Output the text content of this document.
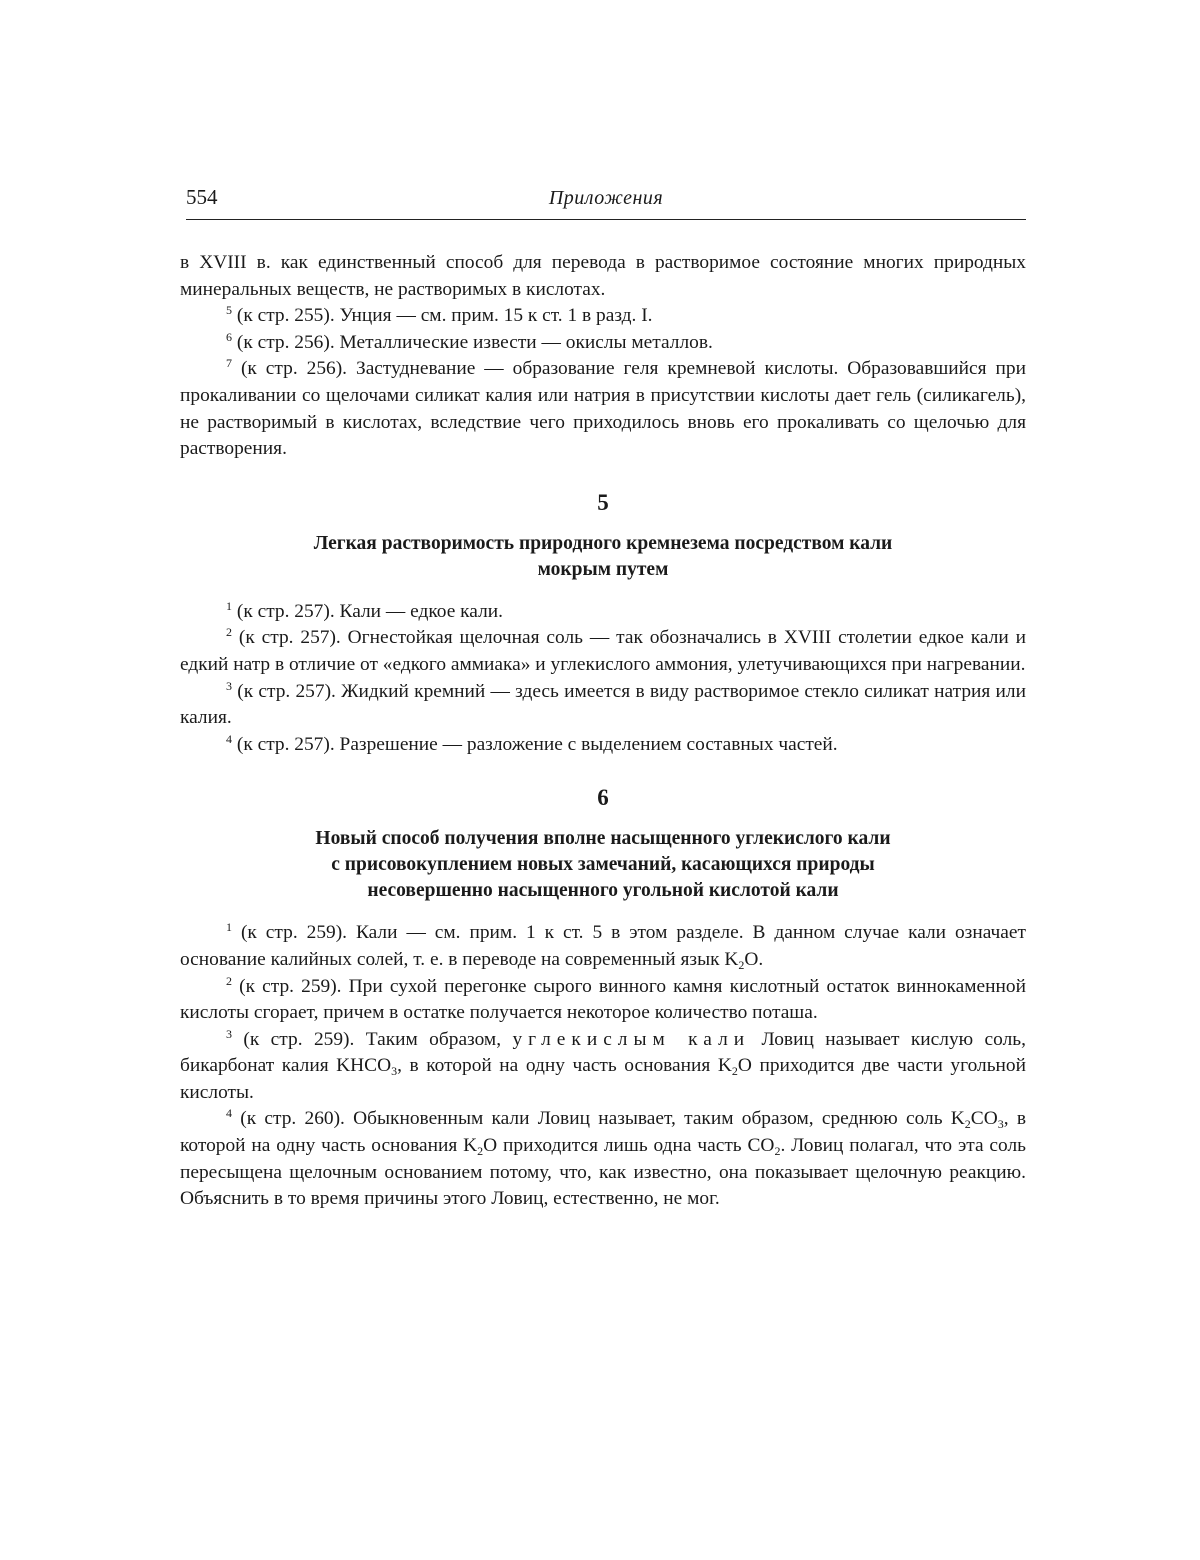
554	Приложения

в XVIII в. как единственный способ для перевода в растворимое состояние многих природных минеральных веществ, не растворимых в кислотах.

$^5$ (к стр. 255). Унция — см. прим. 15 к ст. 1 в разд. I.

$^6$ (к стр. 256). Металлические извести — окислы металлов.

$^7$ (к стр. 256). Застудневание — образование геля кремневой кислоты. Образовавшийся при прокаливании со щелочами силикат калия или натрия в присутствии кислоты дает гель (силикагель), не растворимый в кислотах, вследствие чего приходилось вновь его прокаливать со щелочью для растворения.

5
Легкая растворимость природного кремнезема посредством кали
мокрым путем

$^1$ (к стр. 257). Кали — едкое кали.

$^2$ (к стр. 257). Огнестойкая щелочная соль — так обозначались в XVIII столетии едкое кали и едкий натр в отличие от «едкого аммиака» и углекислого аммония, улетучивающихся при нагревании.

$^3$ (к стр. 257). Жидкий кремний — здесь имеется в виду растворимое стекло силикат натрия или калия.

$^4$ (к стр. 257). Разрешение — разложение с выделением составных частей.

6
Новый способ получения вполне насыщенного углекислого кали
с присовокуплением новых замечаний, касающихся природы
несовершенно насыщенного угольной кислотой кали

$^1$ (к стр. 259). Кали — см. прим. 1 к ст. 5 в этом разделе. В данном случае кали означает основание калийных солей, т. е. в переводе на современный язык $K_2O$.

$^2$ (к стр. 259). При сухой перегонке сырого винного камня кислотный остаток виннокаменной кислоты сгорает, причем в остатке получается некоторое количество поташа.

$^3$ (к стр. 259). Таким образом, углекислым кали Ловиц называет кислую соль, бикарбонат калия $KHCO_3$, в которой на одну часть основания $K_2O$ приходится две части угольной кислоты.

$^4$ (к стр. 260). Обыкновенным кали Ловиц называет, таким образом, среднюю соль $K_2CO_3$, в которой на одну часть основания $K_2O$ приходится лишь одна часть $CO_2$. Ловиц полагал, что эта соль пересыщена щелочным основанием потому, что, как известно, она показывает щелочную реакцию. Объяснить в то время причины этого Ловиц, естественно, не мог.
